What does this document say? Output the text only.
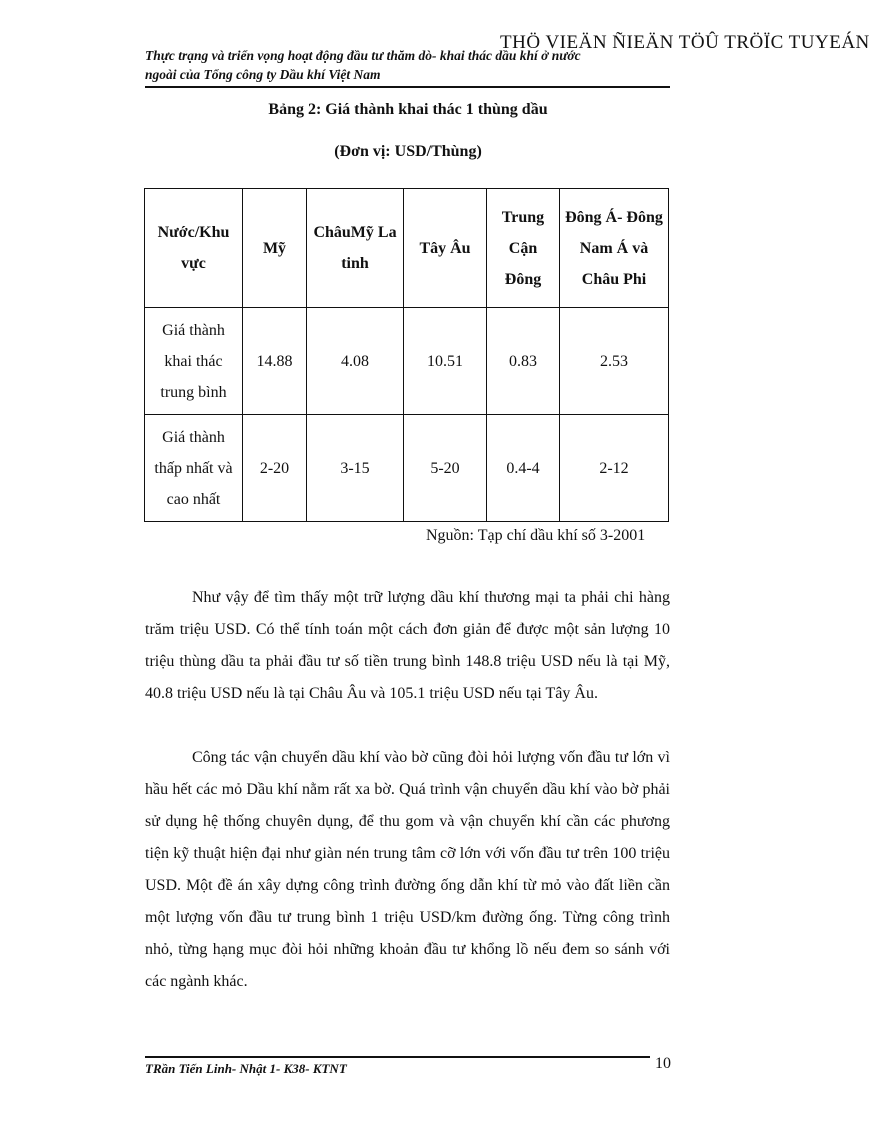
THÖ VIEÄN ÑIEÄN TÖÛ TRÖÏC TUYEÁN
Thực trạng và triển vọng hoạt động đầu tư thăm dò- khai thác dầu khí ở nước
ngoài của Tổng công ty Dầu khí Việt Nam
Bảng 2: Giá thành khai thác 1 thùng dầu
(Đơn vị: USD/Thùng)
Nước/Khu vực	Mỹ	ChâuMỹ La tinh	Tây Âu	Trung Cận Đông	Đông Á- Đông Nam Á và Châu Phi
Giá thành khai thác trung bình	14.88	4.08	10.51	0.83	2.53
Giá thành thấp nhất và cao nhất	2-20	3-15	5-20	0.4-4	2-12
Nguồn: Tạp chí dầu khí số 3-2001

Như vậy để tìm thấy một trữ lượng dầu khí thương mại ta phải chi hàng trăm triệu USD. Có thể tính toán một cách đơn giản để được một sản lượng 10 triệu thùng dầu ta phải đầu tư số tiền trung bình 148.8 triệu USD nếu là tại Mỹ, 40.8 triệu USD nếu là tại Châu Âu và 105.1 triệu USD nếu tại Tây Âu.

Công tác vận chuyển dầu khí vào bờ cũng đòi hỏi lượng vốn đầu tư lớn vì hầu hết các mỏ Dầu khí nằm rất xa bờ. Quá trình vận chuyển dầu khí vào bờ phải sử dụng hệ thống chuyên dụng, để thu gom và vận chuyển khí cần các phương tiện kỹ thuật hiện đại như giàn nén trung tâm cỡ lớn với vốn đầu tư trên 100 triệu USD. Một đề án xây dựng công trình đường ống dẫn khí từ mỏ vào đất liền cần một lượng vốn đầu tư trung bình 1 triệu USD/km đường ống. Từng công trình nhỏ, từng hạng mục đòi hỏi những khoản đầu tư khổng lồ nếu đem so sánh với các ngành khác.

TRần Tiến Linh- Nhật 1- K38- KTNT	10
